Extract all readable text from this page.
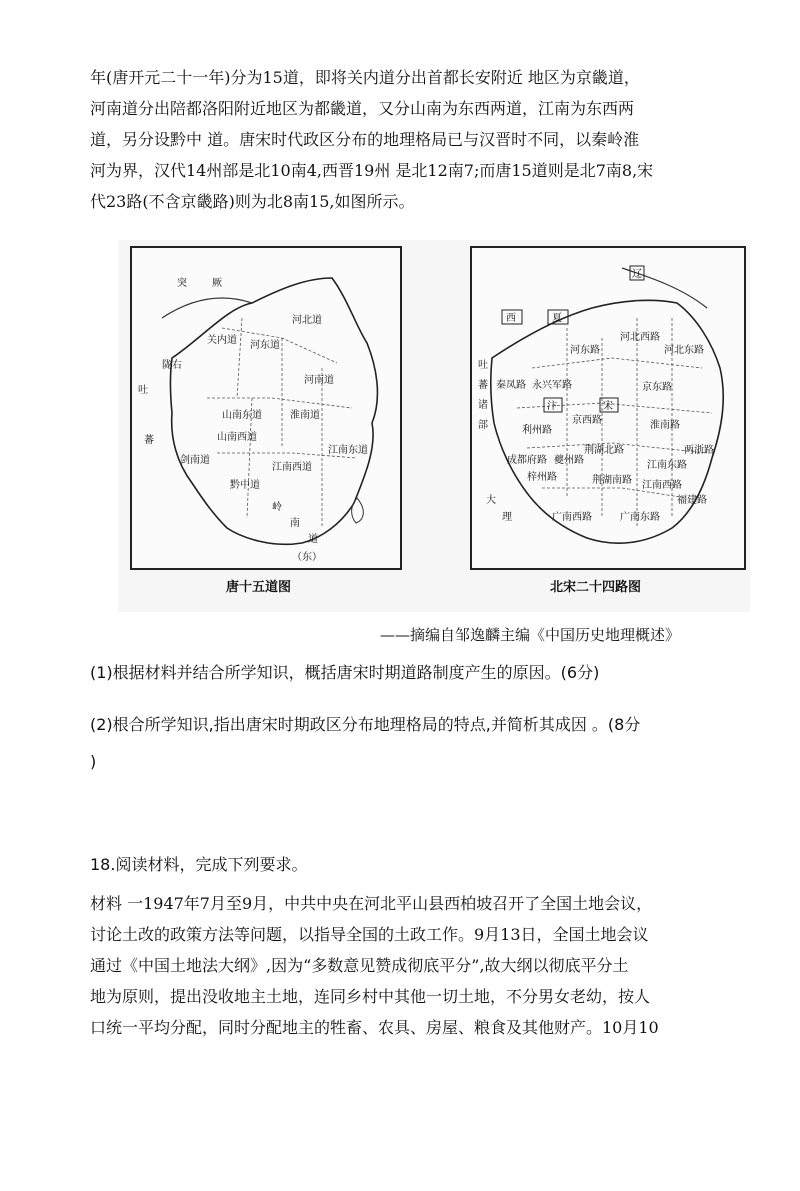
年(唐开元二十一年)分为15道，即将关内道分出首都长安附近 地区为京畿道，
河南道分出陪都洛阳附近地区为都畿道，又分山南为东西两道，江南为东西两
道，另分设黔中 道。唐宋时代政区分布的地理格局已与汉晋时不同，以秦岭淮
河为界，汉代14州部是北10南4,西晋19州 是北12南7;而唐15道则是北7南8,宋
代23路(不含京畿路)则为北8南15,如图所示。
突	厥
吐
蕃
关内道
河北道
河东道
河南道
山南东道
山南西道
淮南道
江南东道
江南西道
剑南道
黔中道
陇右
岭
南
道
（东）
唐十五道图
辽
西	夏
吐
蕃
诸
部
大
理
汴	宋
河北西路
河北东路
河东路
永兴军路
秦凤路	京东路
京西路	淮南路
两浙路
江南东路
江南西路
荆湖北路
荆湖南路
成都府路
利州路
梓州路
夔州路
福建路
广南东路
广南西路
北宋二十四路图
——摘编自邹逸麟主编《中国历史地理概述》
(1)根据材料并结合所学知识，概括唐宋时期道路制度产生的原因。(6分)
(2)根合所学知识,指出唐宋时期政区分布地理格局的特点,并简析其成因 。(8分
)
18.阅读材料，完成下列要求。
材料 一1947年7月至9月，中共中央在河北平山县西柏坡召开了全国土地会议，
讨论土改的政策方法等问题，以指导全国的土政工作。9月13日，全国土地会议
通过《中国土地法大纲》,因为“多数意见赞成彻底平分”,故大纲以彻底平分土
地为原则，提出没收地主土地，连同乡村中其他一切土地，不分男女老幼，按人
口统一平均分配，同时分配地主的牲畜、农具、房屋、粮食及其他财产。10月10
